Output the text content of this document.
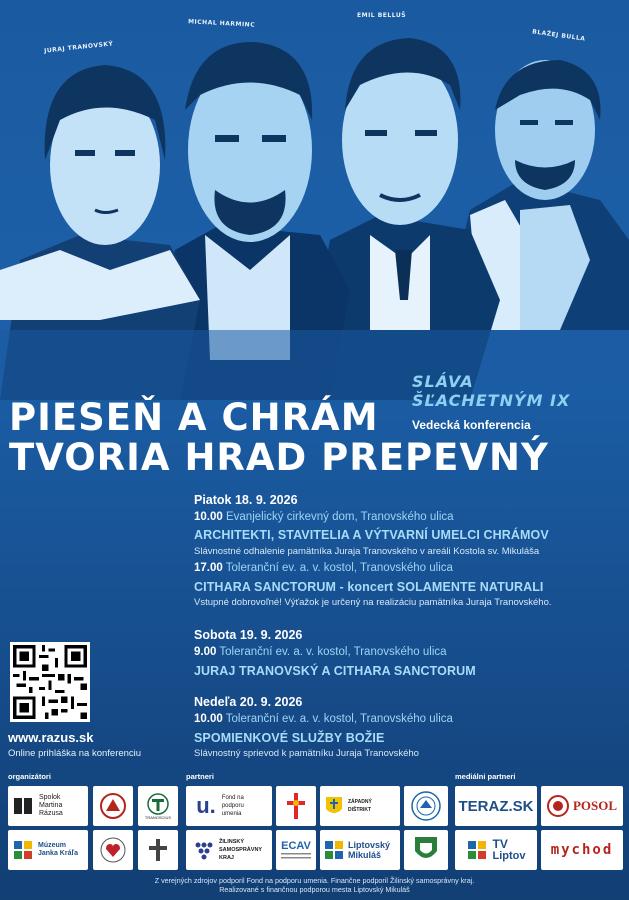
JURAJ TRANOVSKÝ
MICHAL HARMINC
EMIL BELLUŠ
BLAŽEJ BULLA
SLÁVA
ŠĽACHETNÝM IX
Vedecká konferencia
PIESEŇ A CHRÁM
TVORIA HRAD PREPEVNÝ
Piatok 18. 9. 2026
10.00 Evanjelický cirkevný dom, Tranovského ulica
ARCHITEKTI, STAVITELIA A VÝTVARNÍ UMELCI CHRÁMOV
Slávnostné odhalenie pamätníka Juraja Tranovského v areáli Kostola sv. Mikuláša
17.00 Toleranční ev. a. v. kostol, Tranovského ulica
CITHARA SANCTORUM - koncert SOLAMENTE NATURALI
Vstupné dobrovoľné! Výťažok je určený na realizáciu pamätníka Juraja Tranovského.
Sobota 19. 9. 2026
9.00 Toleranční ev. a. v. kostol, Tranovského ulica
JURAJ TRANOVSKÝ A CITHARA SANCTORUM
Nedeľa 20. 9. 2026
10.00 Toleranční ev. a. v. kostol, Tranovského ulica
SPOMIENKOVÉ SLUŽBY BOŽIE
Slávnostný sprievod k pamätníku Juraja Tranovského
www.razus.sk
Online prihláška na konferenciu
organizátori	partneri	mediálni partneri
Spolok Martina Rázusa	TRANOSCIUS
Múzeum Janka Kráľa
u. Fond na podporu umenia
ZÁPADNÝ DIŠTRIKT
ŽILINSKÝ SAMOSPRÁVNY KRAJ
ECAV	Liptovský Mikuláš
TERAZ.SK	POSOL
TV
Liptov mychod
Z verejných zdrojov podporil Fond na podporu umenia. Finančne podporil Žilinský samosprávny kraj.
Realizované s finančnou podporou mesta Liptovský Mikuláš
